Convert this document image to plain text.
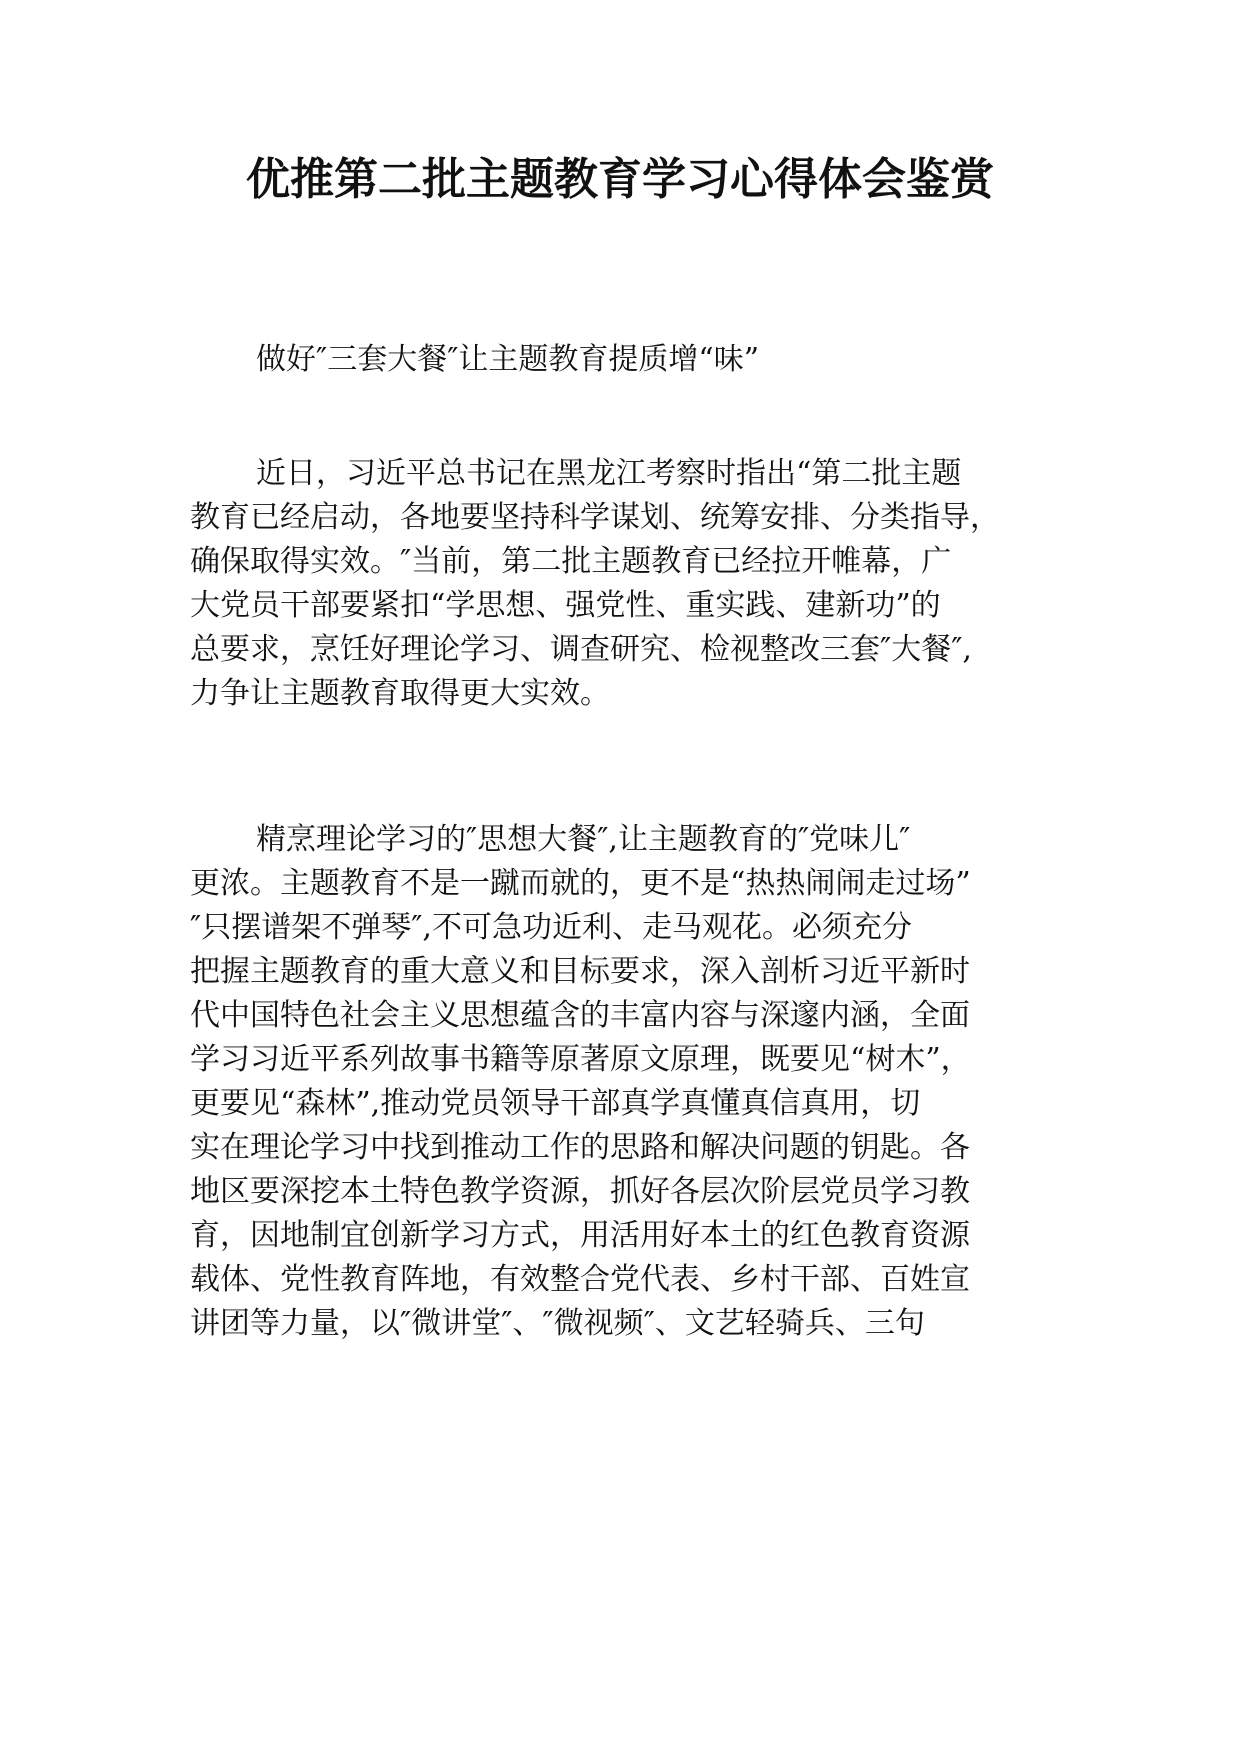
优推第二批主题教育学习心得体会鉴赏

做好″三套大餐″让主题教育提质增“味”

近日，习近平总书记在黑龙江考察时指出“第二批主题
教育已经启动，各地要坚持科学谋划、统筹安排、分类指导，
确保取得实效。″当前，第二批主题教育已经拉开帷幕，广
大党员干部要紧扣“学思想、强党性、重实践、建新功”的
总要求，烹饪好理论学习、调查研究、检视整改三套″大餐″,
力争让主题教育取得更大实效。
精烹理论学习的″思想大餐″,让主题教育的″党味儿″
更浓。主题教育不是一蹴而就的，更不是“热热闹闹走过场”
″只摆谱架不弹琴″,不可急功近利、走马观花。必须充分
把握主题教育的重大意义和目标要求，深入剖析习近平新时
代中国特色社会主义思想蕴含的丰富内容与深邃内涵，全面
学习习近平系列故事书籍等原著原文原理，既要见“树木”，
更要见“森林”,推动党员领导干部真学真懂真信真用，切
实在理论学习中找到推动工作的思路和解决问题的钥匙。各
地区要深挖本土特色教学资源，抓好各层次阶层党员学习教
育，因地制宜创新学习方式，用活用好本土的红色教育资源
载体、党性教育阵地，有效整合党代表、乡村干部、百姓宣
讲团等力量，以″微讲堂″、″微视频″、文艺轻骑兵、三句
